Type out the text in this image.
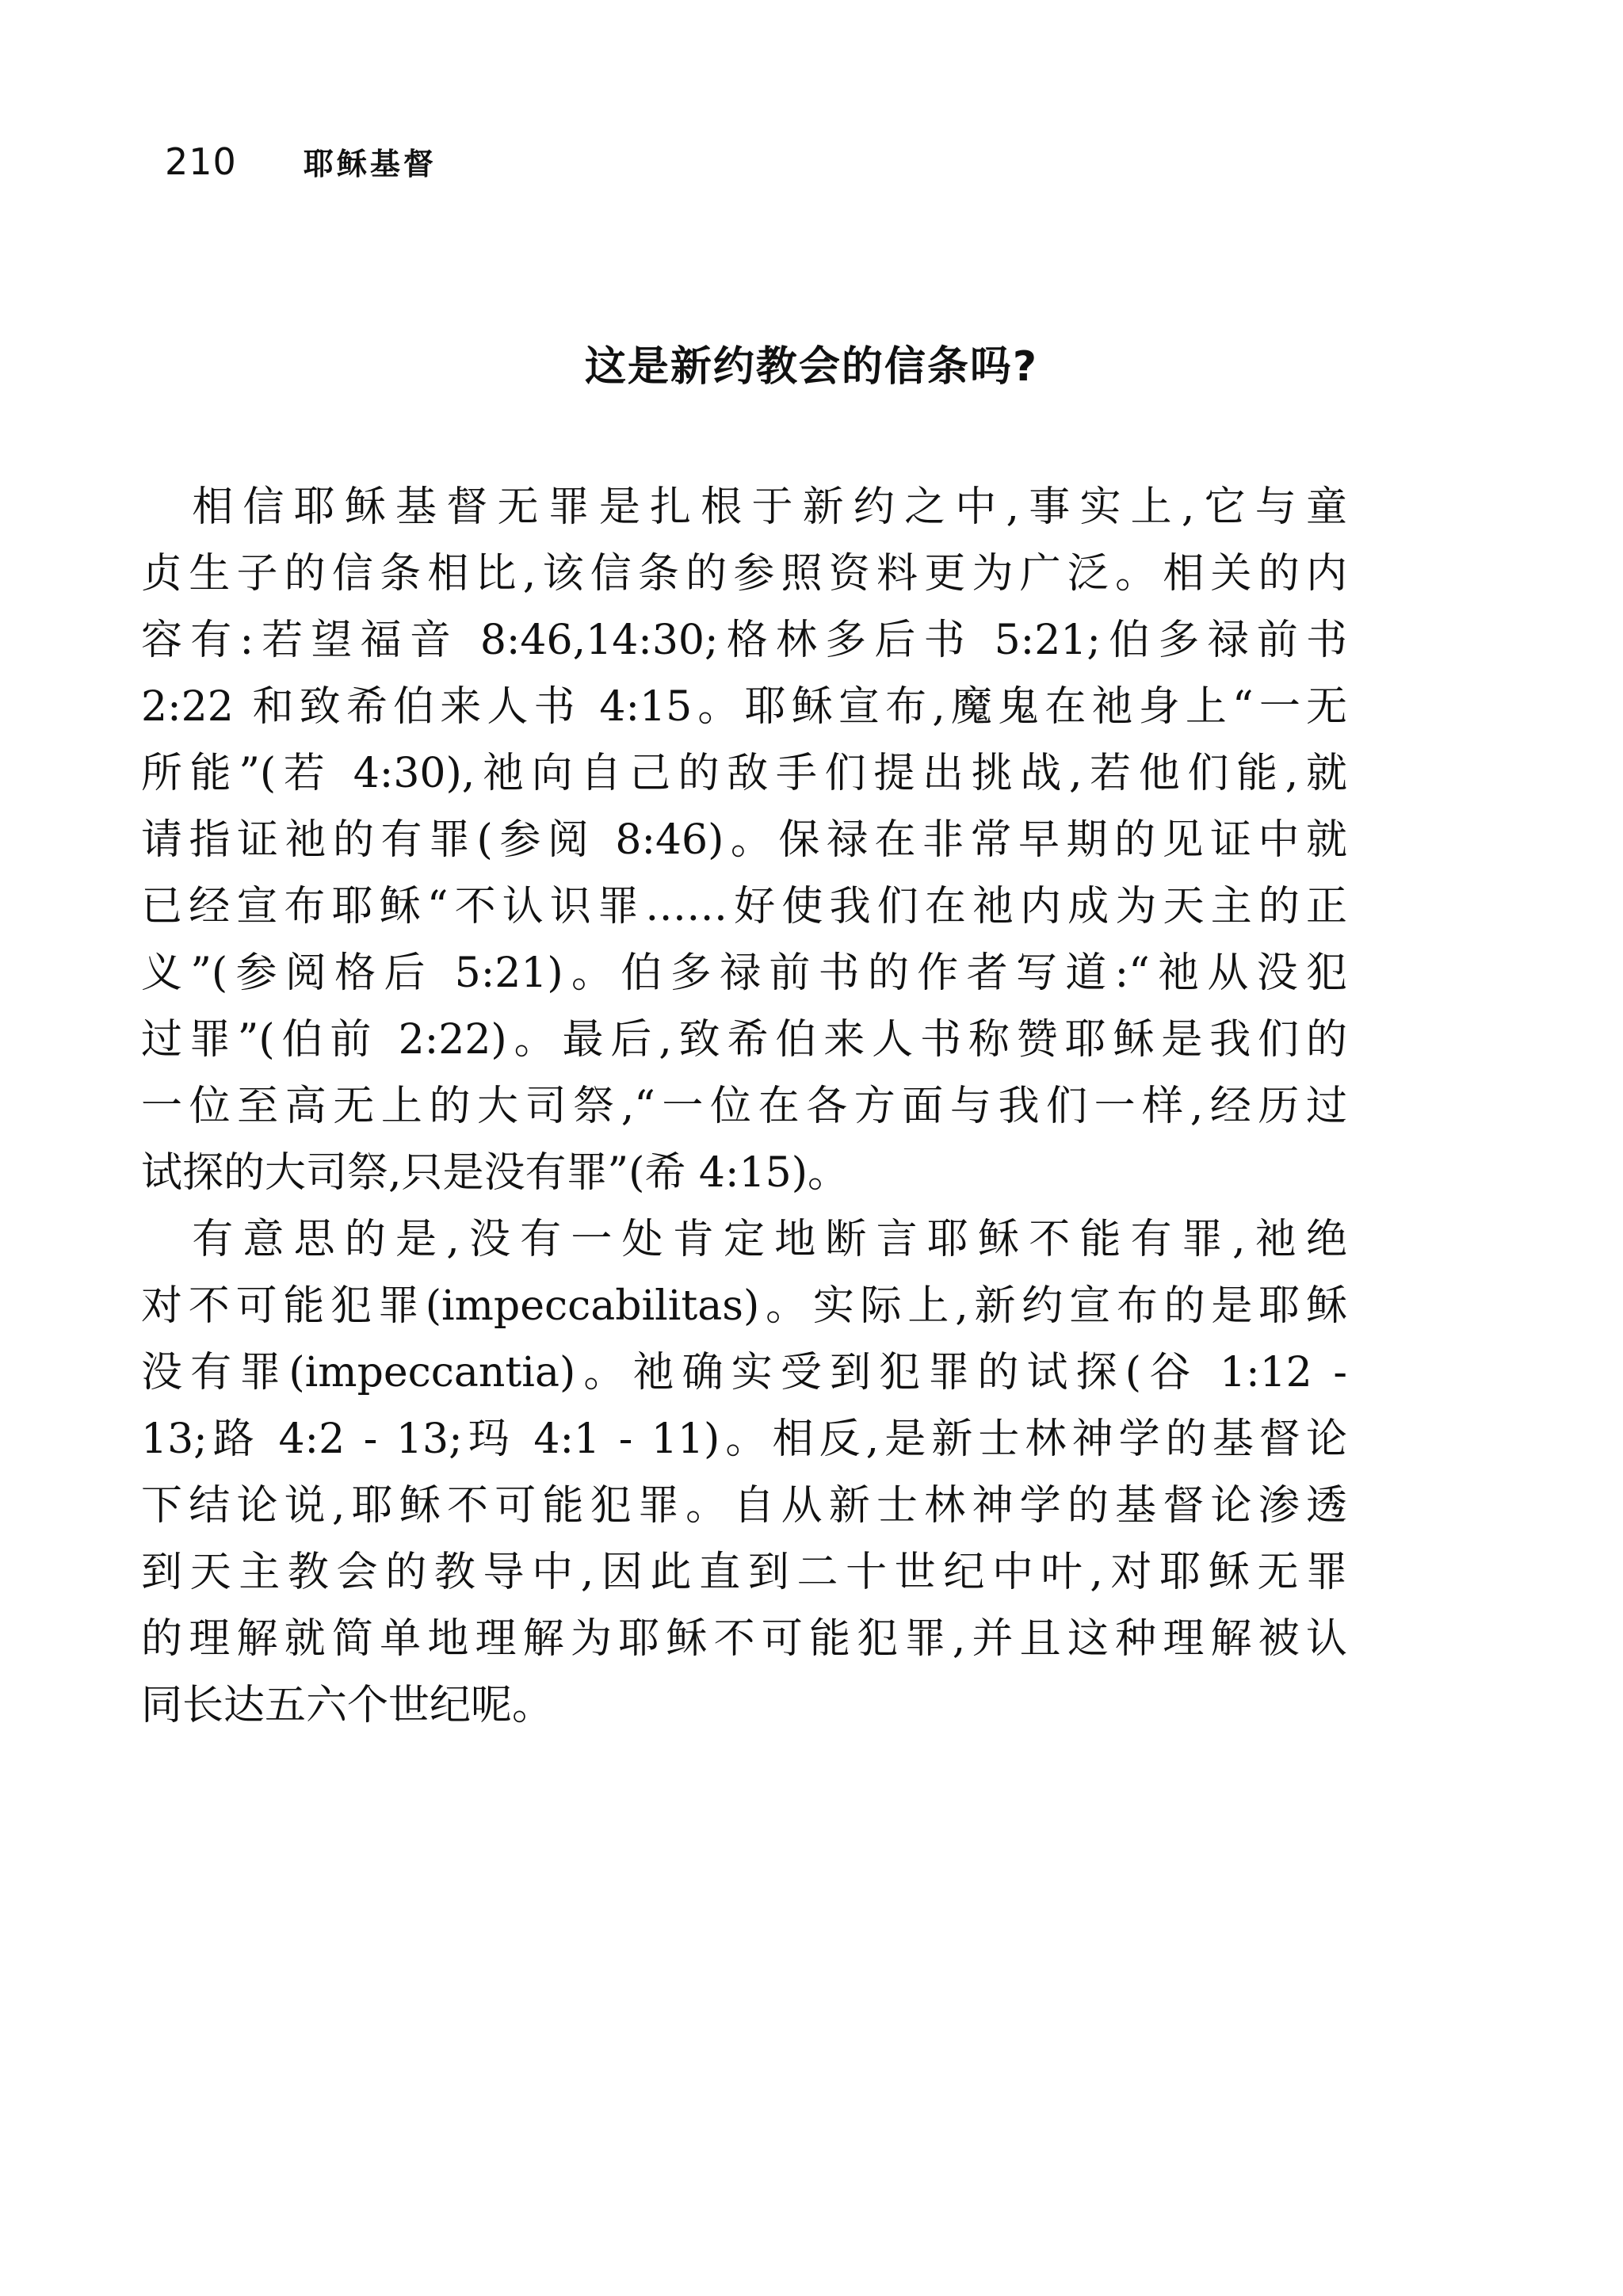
210 耶稣基督
这是新约教会的信条吗?
　相信耶稣基督无罪是扎根于新约之中,事实上,它与童
贞生子的信条相比,该信条的参照资料更为广泛。相关的内
容有:若望福音 8:46,14:30;格林多后书 5:21;伯多禄前书
2:22 和致希伯来人书 4:15。耶稣宣布,魔鬼在祂身上“一无
所能”(若 4:30),祂向自己的敌手们提出挑战,若他们能,就
请指证祂的有罪(参阅 8:46)。保禄在非常早期的见证中就
已经宣布耶稣“不认识罪……好使我们在祂内成为天主的正
义”(参阅格后 5:21)。伯多禄前书的作者写道:“祂从没犯
过罪”(伯前 2:22)。最后,致希伯来人书称赞耶稣是我们的
一位至高无上的大司祭,“一位在各方面与我们一样,经历过
试探的大司祭,只是没有罪”(希 4:15)。
　有意思的是,没有一处肯定地断言耶稣不能有罪,祂绝
对不可能犯罪(impeccabilitas)。实际上,新约宣布的是耶稣
没有罪(impeccantia)。祂确实受到犯罪的试探(谷 1:12 -
13;路 4:2 - 13;玛 4:1 - 11)。相反,是新士林神学的基督论
下结论说,耶稣不可能犯罪。自从新士林神学的基督论渗透
到天主教会的教导中,因此直到二十世纪中叶,对耶稣无罪
的理解就简单地理解为耶稣不可能犯罪,并且这种理解被认
同长达五六个世纪呢。
